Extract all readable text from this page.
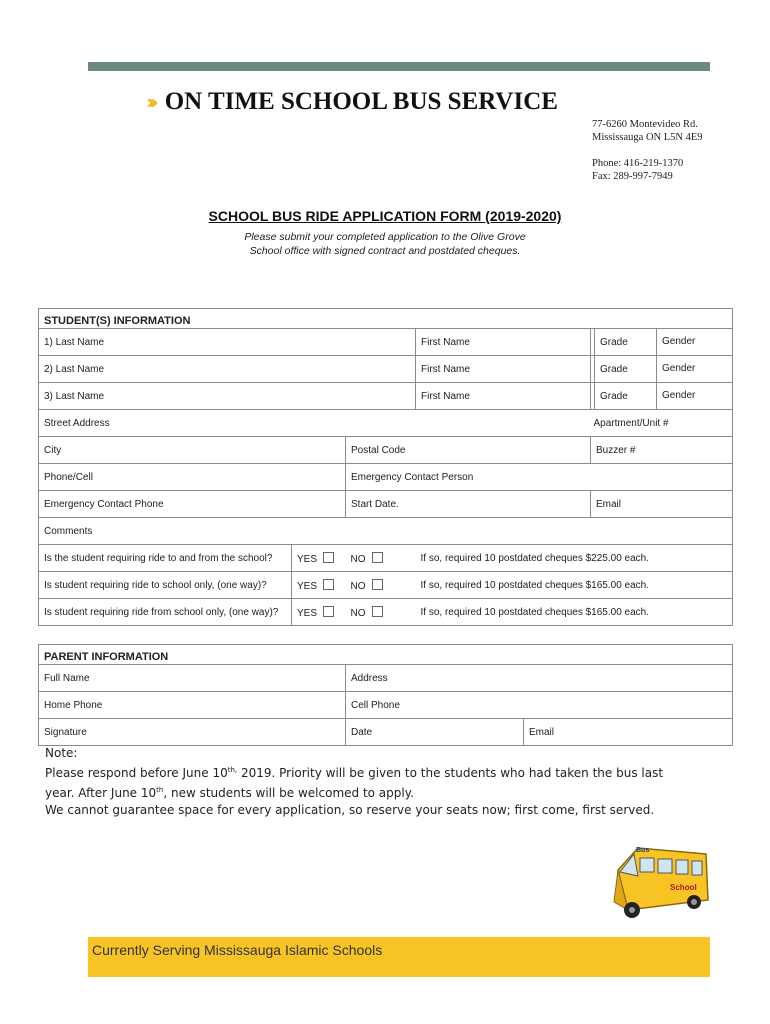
››› ON TIME SCHOOL BUS SERVICE
77-6260 Montevideo Rd.
Mississauga ON L5N 4E9
Phone: 416-219-1370
Fax: 289-997-7949
SCHOOL BUS RIDE APPLICATION FORM (2019-2020)
Please submit your completed application to the Olive Grove
School office with signed contract and postdated cheques.
STUDENT(S) INFORMATION					
1) Last Name			First Name		Grade Gender

2) Last Name			First Name		Grade Gender

3) Last Name			First Name		Grade Gender

Street Address				Apartment/Unit #	
City		Postal Code		Buzzer #	
Phone/Cell		Emergency Contact Person			
Emergency Contact Phone		Start Date.		Email	
Comments					
Is the student requiring ride to and from the school?	YES	NO	If so, required 10 postdated cheques $225.00 each.		
Is student requiring ride to school only, (one way)?	YES	NO	If so, required 10 postdated cheques $165.00 each.		
Is student requiring ride from school only, (one way)?	YES	NO	If so, required 10 postdated cheques $165.00 each.		
PARENT INFORMATION		
Full Name	Address	
Home Phone	Cell Phone	
Signature	Date	Email
Note:
Please respond before June $10^{th,}$ 2019. Priority will be given to the students who had taken the bus last
year. After June 10th, new students will be welcomed to apply.
We cannot guarantee space for every application, so reserve your seats now; first come, first served.
Bus
School
Currently Serving Mississauga Islamic Schools
